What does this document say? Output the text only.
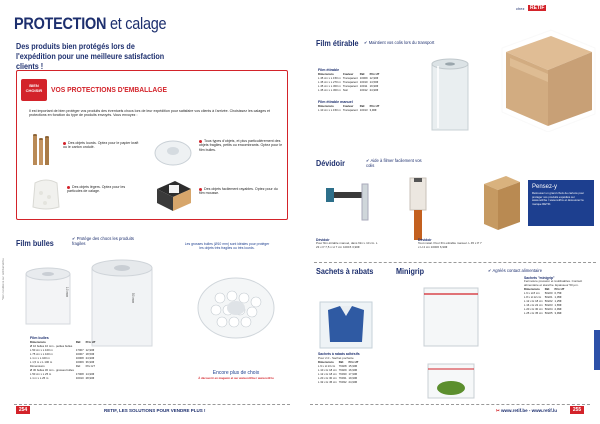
PROTECTION et calage
Des produits bien protégés lors de l'expédition pour une meilleure satisfaction clients !
BIEN CHOISIR	VOS PROTECTIONS D'EMBALLAGE
Il est important de bien protéger vos produits des éventuels chocs lors de leur expédition pour satisfaire vos clients à l'arrivée. Choisissez les calages et protections en fonction du type de produits envoyés. Vous envoyez :
Des objets lourds. Optez pour le papier kraft ou le carton ondulé.
Tous types d'objets, et plus particulièrement des objets fragiles, petits ou encombrants. Optez pour le film bulles.
Des objets légers. Optez pour les particules de calage.
Des objets facilement rayables. Optez pour du film mousse.
Film bulles	✔ Protège des chocs les produits fragiles	Les grosses bulles (Ø10 mm) sont idéales pour protéger les objets très fragiles ou très lourds.
10 mm
50 mm
Film bulles
Dimensions	Réf.	Prix HT
Ø 10 bulles 10 mm - petites bulles		
L 50 cm x L 100 m	17007	12,90€
L 75 cm x L 100 m	16007	18,50€
L 1 m x L 100 m	16008	24,90€
L 1,5 m x L 100 m	16009	36,90€
Dimensions	Réf.	Prix HT
Ø 30 bulles 30 mm - grosses bulles		
L 50 cm x L 25 m	17008	14,90€
L 1 m x L 25 m	16010	28,90€
Encore plus de choix
À découvrir en magasin et sur www.retif.be / www.retif.lu
*Voir conditions sur retif.be/retif.lu
254	RETIF, LES SOLUTIONS POUR VENDRE PLUS !
chez	RETIF
Film étirable ✔ Maintient vos colis lors du transport
Film étirable
Dimensions	Couleur	Réf.	Prix HT
L 45 cm x L 150 m	Transparent	10009	12,90€
L 45 cm x L 270 m	Transparent	10010	14,50€
L 45 cm x L 300 m	Transparent	10011	19,90€
L 45 cm x L 300 m	Noir	10012	24,90€
Film étirable manuel
Dimensions	Couleur	Réf.	Prix HT
L 10 cm x L 150 m	Transparent	10013	3,90€
Dévidoir	✔ Aide à filmer facilement vos colis
Dévidoir
Pour film étirable manuel, dans film L 10 cm. L 23 x P 7,5 x H 7 cm 10015 3,90€
Dévidoir
Tout métal. Pour film étirable manuel. L 45 x P 7 x H 4 cm 10006 6,90€
Pensez-y
Retrouvez un grand choix de cartons pour protéger vos produits expédiés sur www.retif.be / www.retif.lu et découvrez la marque RETIF.
Sachets à rabats
Sachets à rabats adhésifs
Pour 2.0 - Sachet pochette
Dimensions	Réf.	Prix HT
L 9 x H 13 cm	76028	15,90€
L 10 x H 18 cm	76029	16,90€
L 12 x H 18 cm	76030	17,90€
L 20 x H 30 cm	76031	19,90€
L 32 x H 45 cm	76032	24,90€
Minigrip	✔ Agréés contact alimentaire
Sachets "minigrip"
Fermeture pression et réutilisables. Contact alimentaire et étanche. Epaisseur 50 µm.
Dimensions	Réf.	Prix HT
L 6 x H 8 cm	50220	0,75€
L 8 x H 12 cm	50221	1,05€
L 12 x H 18 cm	50222	1,25€
L 16 x H 22 cm	50223	1,65€
L 20 x H 30 cm	50224	2,99€
L 25 x H 35 cm	50225	3,99€
✂ www.retif.be - www.retif.lu	255
